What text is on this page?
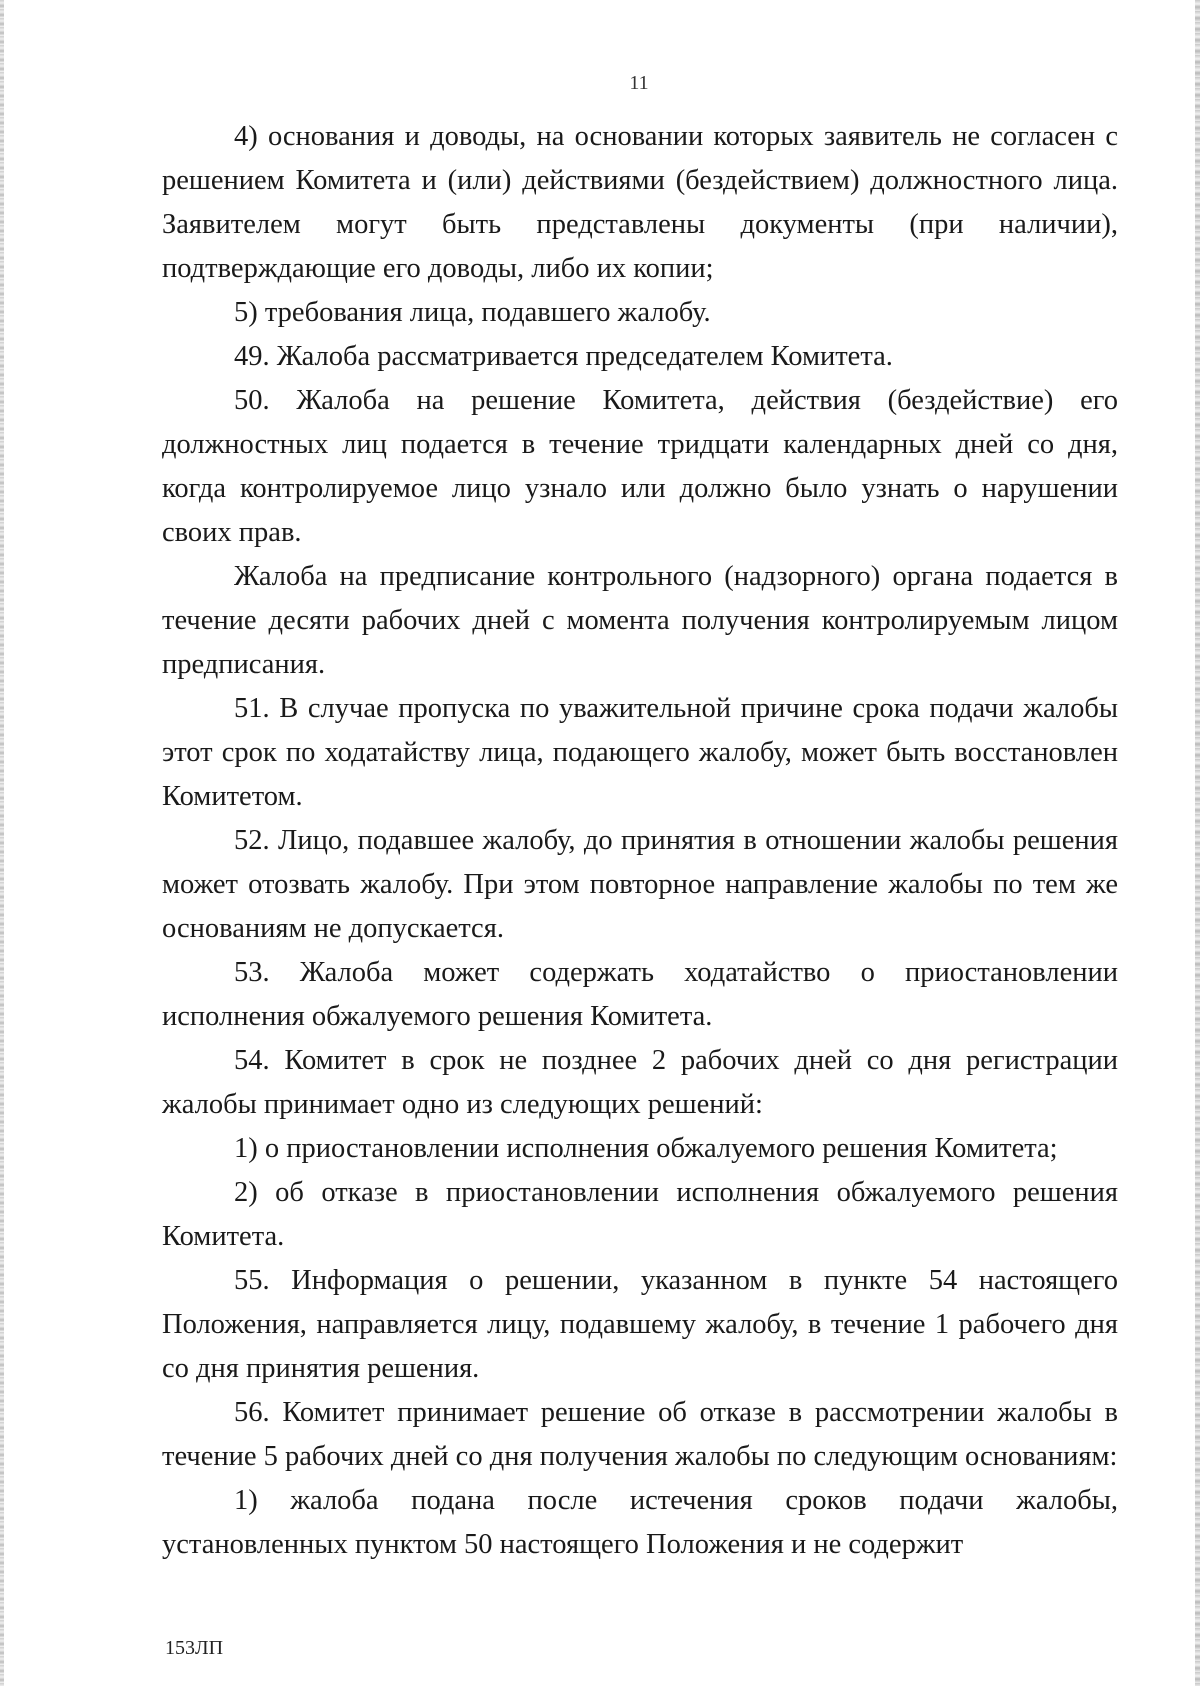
11

4) основания и доводы, на основании которых заявитель не согласен с решением Комитета и (или) действиями (бездействием) должностного лица. Заявителем могут быть представлены документы (при наличии), подтверждающие его доводы, либо их копии;

5) требования лица, подавшего жалобу.

49. Жалоба рассматривается председателем Комитета.

50. Жалоба на решение Комитета, действия (бездействие) его должностных лиц подается в течение тридцати календарных дней со дня, когда контролируемое лицо узнало или должно было узнать о нарушении своих прав.

Жалоба на предписание контрольного (надзорного) органа подается в течение десяти рабочих дней с момента получения контролируемым лицом предписания.

51. В случае пропуска по уважительной причине срока подачи жалобы этот срок по ходатайству лица, подающего жалобу, может быть восстановлен Комитетом.

52. Лицо, подавшее жалобу, до принятия в отношении жалобы решения может отозвать жалобу. При этом повторное направление жалобы по тем же основаниям не допускается.

53. Жалоба может содержать ходатайство о приостановлении исполнения обжалуемого решения Комитета.

54. Комитет в срок не позднее 2 рабочих дней со дня регистрации жалобы принимает одно из следующих решений:

1) о приостановлении исполнения обжалуемого решения Комитета;

2) об отказе в приостановлении исполнения обжалуемого решения Комитета.

55. Информация о решении, указанном в пункте 54 настоящего Положения, направляется лицу, подавшему жалобу, в течение 1 рабочего дня со дня принятия решения.

56. Комитет принимает решение об отказе в рассмотрении жалобы в течение 5 рабочих дней со дня получения жалобы по следующим основаниям:

1) жалоба подана после истечения сроков подачи жалобы, установленных пунктом 50 настоящего Положения и не содержит

153ЛП
